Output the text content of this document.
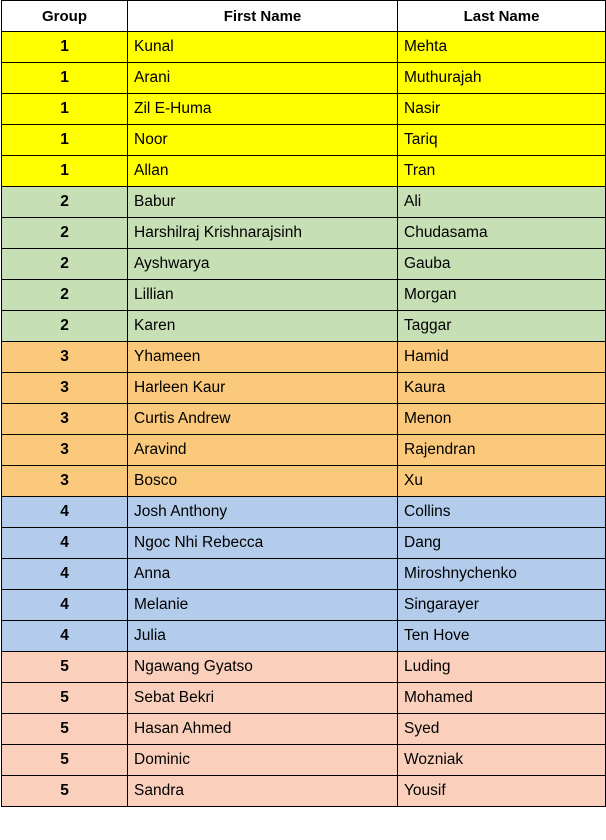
Group	First Name	Last Name
1	Kunal	Mehta
1	Arani	Muthurajah
1	Zil E-Huma	Nasir
1	Noor	Tariq
1	Allan	Tran
2	Babur	Ali
2	Harshilraj Krishnarajsinh	Chudasama
2	Ayshwarya	Gauba
2	Lillian	Morgan
2	Karen	Taggar
3	Yhameen	Hamid
3	Harleen Kaur	Kaura
3	Curtis Andrew	Menon
3	Aravind	Rajendran
3	Bosco	Xu
4	Josh Anthony	Collins
4	Ngoc Nhi Rebecca	Dang
4	Anna	Miroshnychenko
4	Melanie	Singarayer
4	Julia	Ten Hove
5	Ngawang Gyatso	Luding
5	Sebat Bekri	Mohamed
5	Hasan Ahmed	Syed
5	Dominic	Wozniak
5	Sandra	Yousif
